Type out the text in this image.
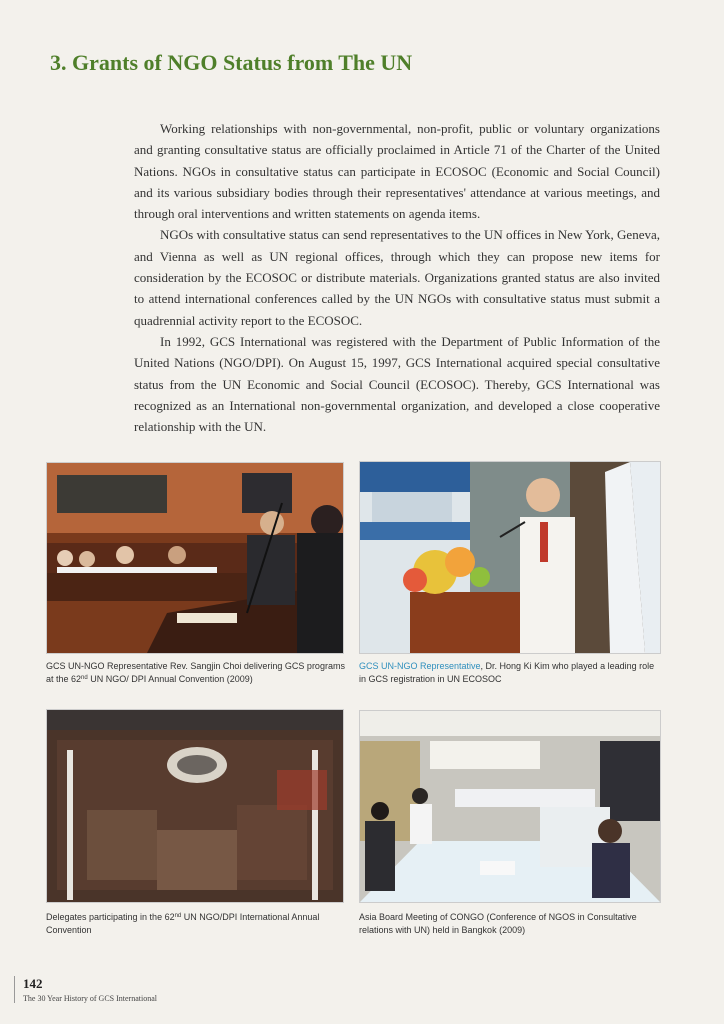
3. Grants of NGO Status from The UN

Working relationships with non-governmental, non-profit, public or voluntary organizations and granting consultative status are officially proclaimed in Article 71 of the Charter of the United Nations. NGOs in consultative status can participate in ECOSOC (Economic and Social Council) and its various subsidiary bodies through their representatives' attendance at various meetings, and through oral interventions and written statements on agenda items.

NGOs with consultative status can send representatives to the UN offices in New York, Geneva, and Vienna as well as UN regional offices, through which they can propose new items for consideration by the ECOSOC or distribute materials. Organizations granted status are also invited to attend international conferences called by the UN NGOs with consultative status must submit a quadrennial activity report to the ECOSOC.

In 1992, GCS International was registered with the Department of Public Information of the United Nations (NGO/DPI). On August 15, 1997, GCS International acquired special consultative status from the UN Economic and Social Council (ECOSOC). Thereby, GCS International was recognized as an International non-governmental organization, and developed a close cooperative relationship with the UN.

GCS UN-NGO Representative Rev. Sangjin Choi delivering GCS programs at the 62nd UN NGO/ DPI Annual Convention (2009)
GCS UN-NGO Representative, Dr. Hong Ki Kim who played a leading role in GCS registration in UN ECOSOC
Delegates participating in the 62nd UN NGO/DPI International Annual Convention
Asia Board Meeting of CONGO (Conference of NGOS in Consultative relations with UN) held in Bangkok (2009)
142
The 30 Year History of GCS International
